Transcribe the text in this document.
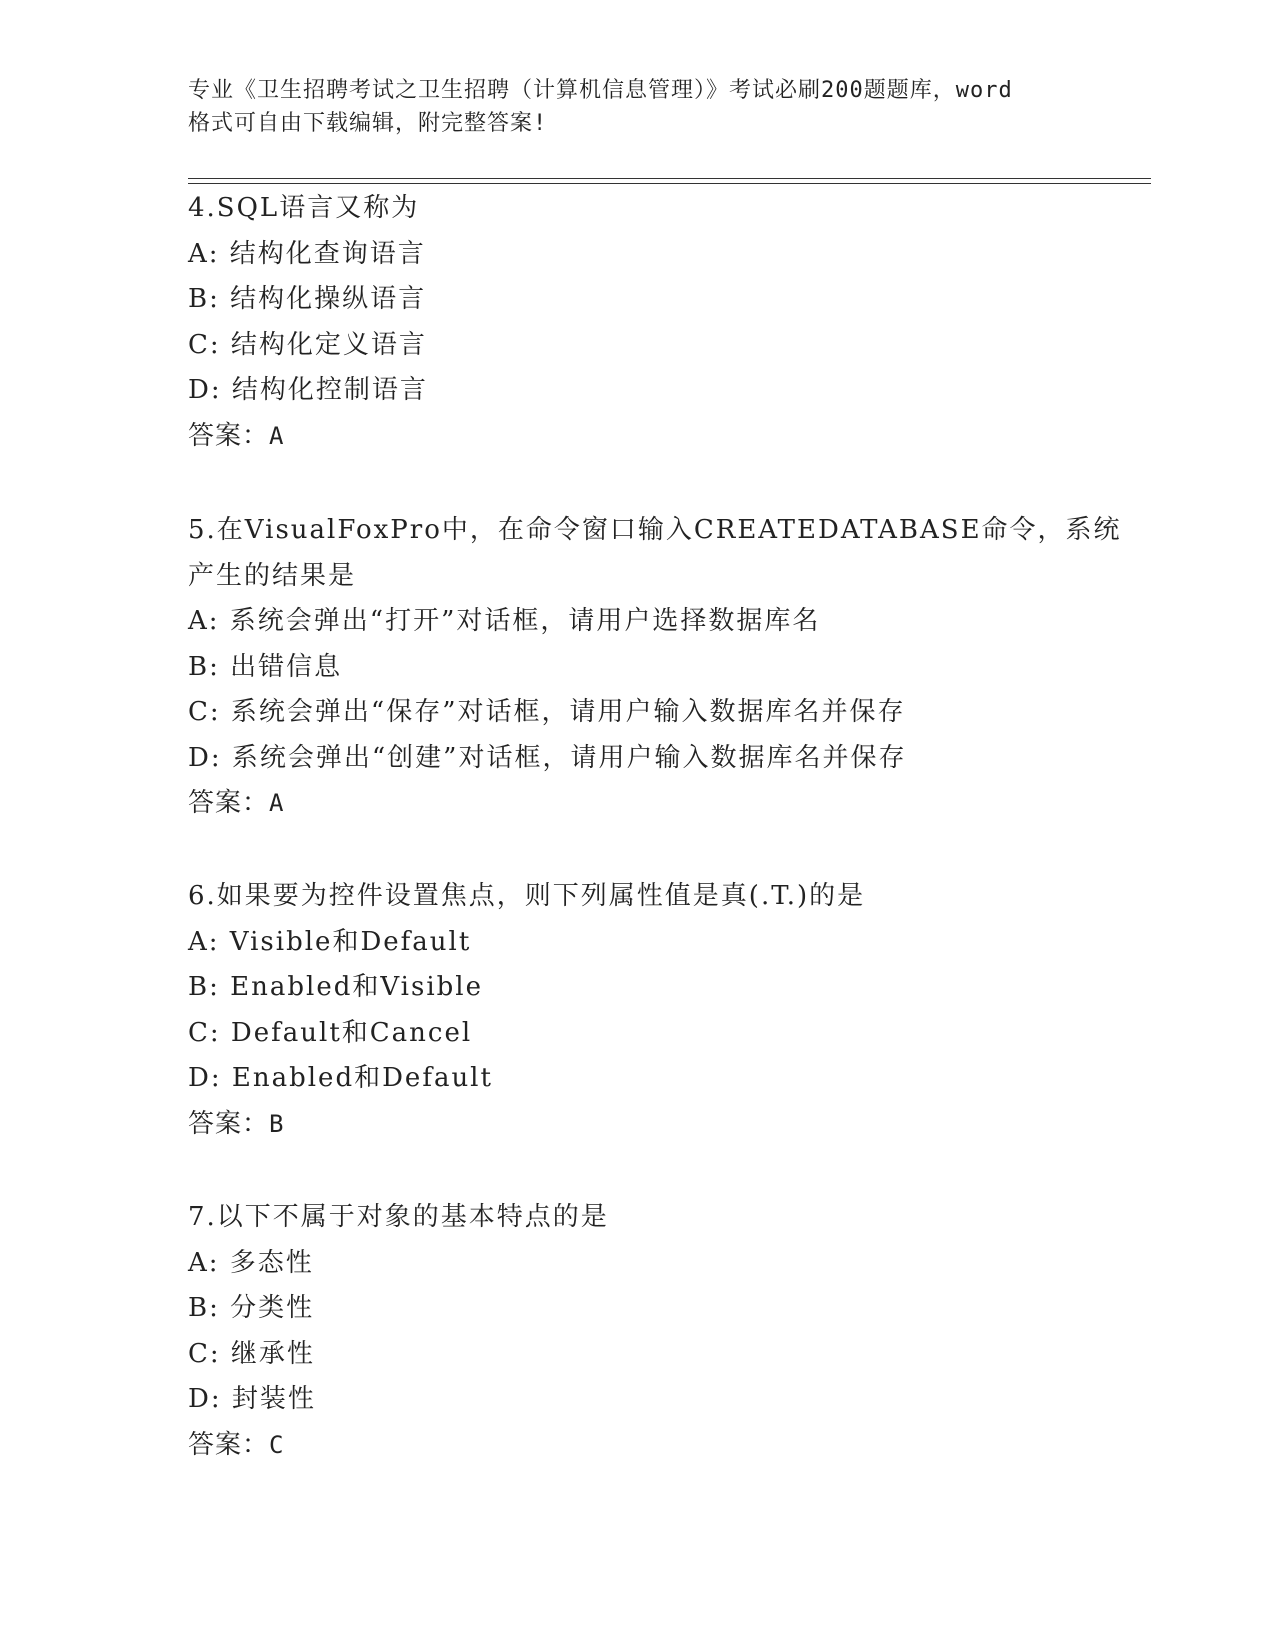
专业《卫生招聘考试之卫生招聘（计算机信息管理）》考试必刷200题题库，word
格式可自由下载编辑，附完整答案!
4.SQL语言又称为
A: 结构化查询语言
B: 结构化操纵语言
C: 结构化定义语言
D: 结构化控制语言
答案：A
5.在VisualFoxPro中，在命令窗口输入CREATEDATABASE命令，系统
产生的结果是
A: 系统会弹出“打开”对话框，请用户选择数据库名
B: 出错信息
C: 系统会弹出“保存”对话框，请用户输入数据库名并保存
D: 系统会弹出“创建”对话框，请用户输入数据库名并保存
答案：A
6.如果要为控件设置焦点，则下列属性值是真(.T.)的是
A: Visible和Default
B: Enabled和Visible
C: Default和Cancel
D: Enabled和Default
答案：B
7.以下不属于对象的基本特点的是
A: 多态性
B: 分类性
C: 继承性
D: 封装性
答案：C
